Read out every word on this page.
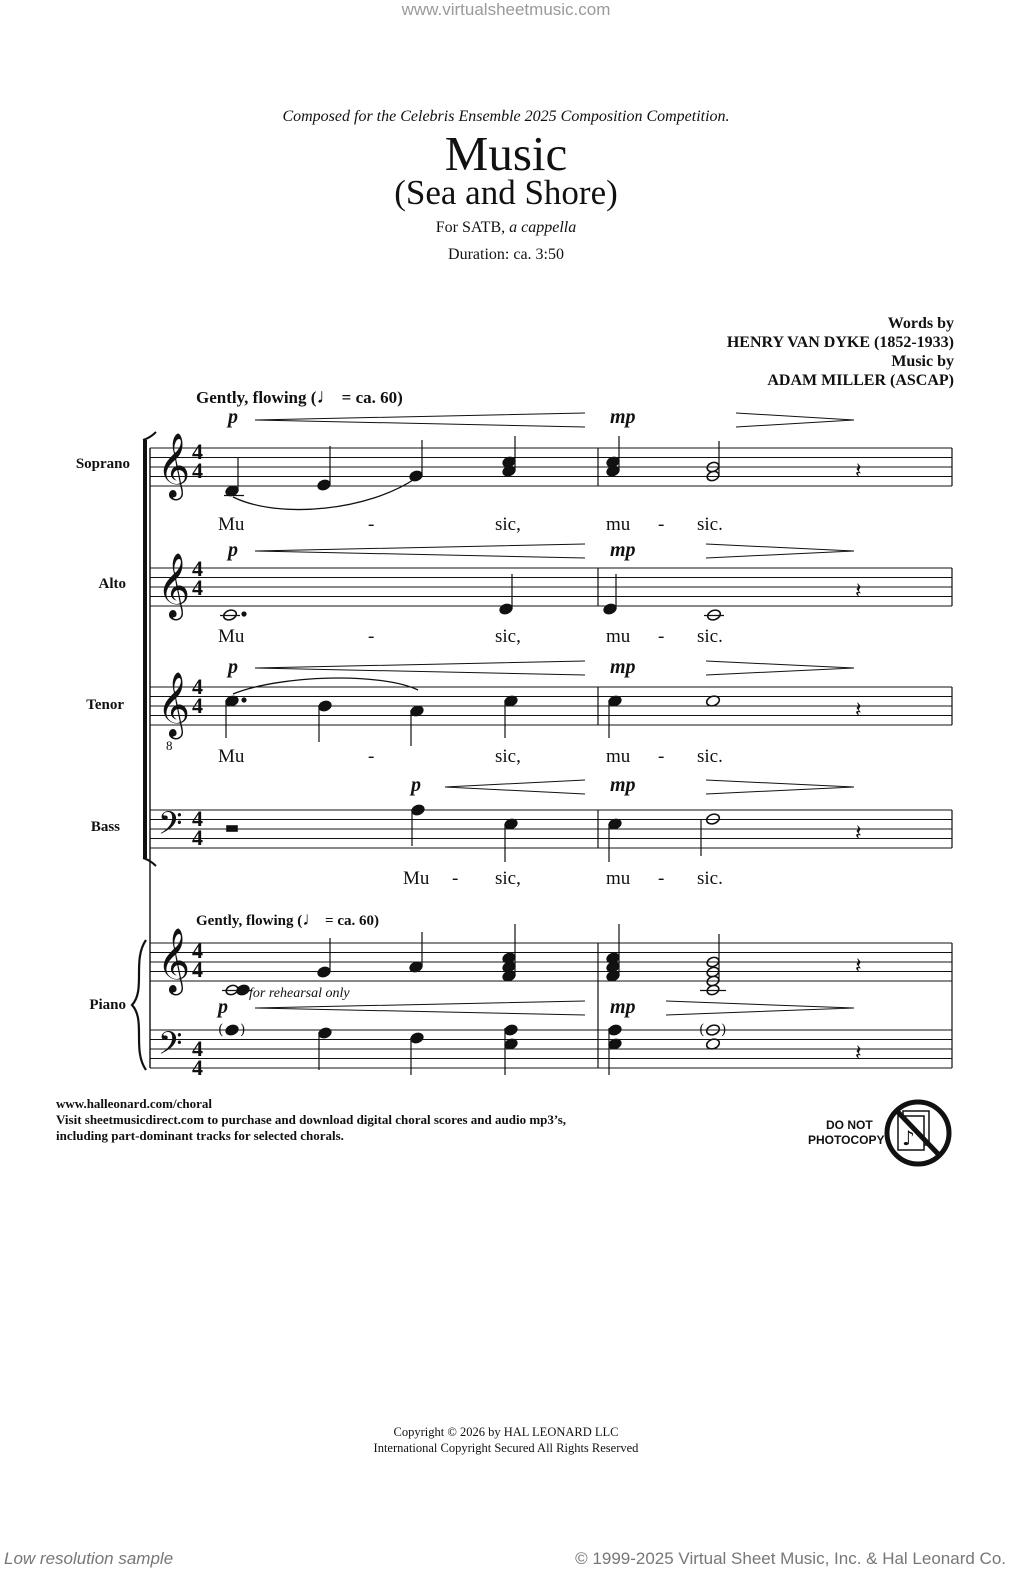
www.virtualsheetmusic.com
Composed for the Celebris Ensemble 2025 Composition Competition.
Music
(Sea and Shore)
For SATB, a cappella
Duration: ca. 3:50
Words by
HENRY VAN DYKE (1852-1933)
Music by
ADAM MILLER (ASCAP)
Gently, flowing (♩ = ca. 60)
Gently, flowing (♩ = ca. 60)
Soprano
Alto
Tenor
Bass
Piano
p	mp
p	mp
p	mp
p	mp
p	mp
Mu	-	sic,	mu - sic.
Mu	-	sic,	mu - sic.
Mu	-	sic,	mu - sic.
Mu - sic,	mu - sic.
for rehearsal only
8
4
4
4
4
4
4
4
4
4
4
4
4
𝄞
𝄞
𝄞
𝄞
𝄢
𝄢	( )	( )
𝄽
𝄽
𝄽
𝄽
𝄽
𝄽
♪
www.halleonard.com/choral
Visit sheetmusicdirect.com to purchase and download digital choral scores and audio mp3’s,
including part-dominant tracks for selected chorals.
DO NOT
PHOTOCOPY
Copyright © 2026 by HAL LEONARD LLC
International Copyright Secured All Rights Reserved
Low resolution sample	© 1999-2025 Virtual Sheet Music, Inc. & Hal Leonard Co.
